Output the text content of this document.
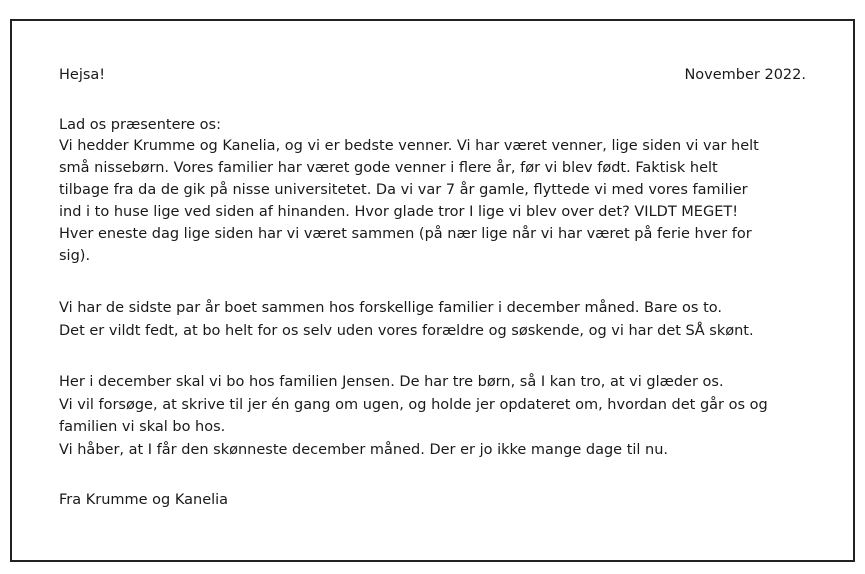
Hejsa!	November 2022.
Lad os præsentere os:
Vi hedder Krumme og Kanelia, og vi er bedste venner. Vi har været venner, lige siden vi var helt
små nissebørn. Vores familier har været gode venner i flere år, før vi blev født. Faktisk helt
tilbage fra da de gik på nisse universitetet. Da vi var 7 år gamle, flyttede vi med vores familier
ind i to huse lige ved siden af hinanden. Hvor glade tror I lige vi blev over det? VILDT MEGET!
Hver eneste dag lige siden har vi været sammen (på nær lige når vi har været på ferie hver for
sig).
Vi har de sidste par år boet sammen hos forskellige familier i december måned. Bare os to.
Det er vildt fedt, at bo helt for os selv uden vores forældre og søskende, og vi har det SÅ skønt.
Her i december skal vi bo hos familien Jensen. De har tre børn, så I kan tro, at vi glæder os.
Vi vil forsøge, at skrive til jer én gang om ugen, og holde jer opdateret om, hvordan det går os og
familien vi skal bo hos.
Vi håber, at I får den skønneste december måned. Der er jo ikke mange dage til nu.
Fra Krumme og Kanelia
